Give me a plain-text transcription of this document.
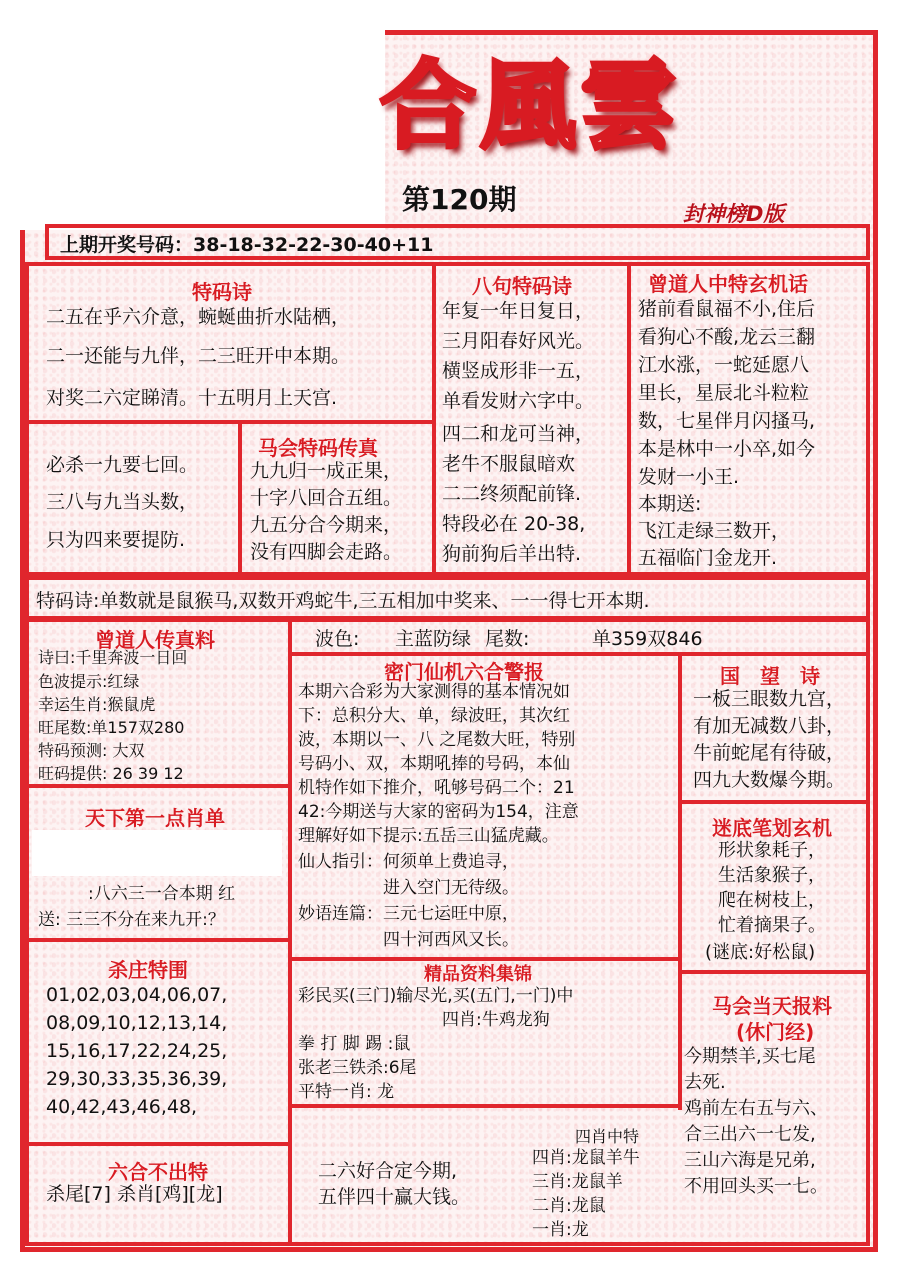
合風雲
第120期	封神榜D版
上期开奖号码：38-18-32-22-30-40+11
特码诗
二五在乎六介意，蜿蜒曲折水陆栖，
二一还能与九伴，二三旺开中本期。
对奖二六定睇清。十五明月上天宫.
必杀一九要七回。
三八与九当头数，
只为四来要提防.
马会特码传真
九九归一成正果，
十字八回合五组。
九五分合今期来，
没有四脚会走路。
八句特码诗
年复一年日复日，
三月阳春好风光。
横竖成形非一五，
单看发财六字中。
四二和龙可当神，
老牛不服鼠暗欢
二二终须配前锋.
特段必在 20-38,
狗前狗后羊出特.
曾道人中特玄机话
猪前看鼠福不小,住后
看狗心不酸,龙云三翻
江水涨，一蛇延愿八
里长，星辰北斗粒粒
数，七星伴月闪搔马,
本是林中一小卒,如今
发财一小王.
本期送:
飞江走绿三数开，
五福临门金龙开.
特码诗:单数就是鼠猴马,双数开鸡蛇牛,三五相加中奖来、一一得七开本期.
曾道人传真料
诗曰:千里奔波一日回
色波提示:红绿
幸运生肖:猴鼠虎
旺尾数:单157双280
特码预测: 大双
旺码提供: 26 39 12
波色: 主蓝防绿 尾数:	单359双846
密门仙机六合警报
本期六合彩为大家测得的基本情况如
下：总积分大、单，绿波旺，其次红
波，本期以一、八 之尾数大旺，特别
号码小、双，本期吼捧的号码，本仙
机特作如下推介，吼够号码二个：21
42:今期送与大家的密码为154，注意
理解好如下提示:五岳三山猛虎藏。
仙人指引：何须单上费追寻，
　　　　　进入空门无待级。
妙语连篇：三元七运旺中原，
　　　　　四十河西风又长。
国　望　诗
一板三眼数九宫，
有加无减数八卦，
牛前蛇尾有待破，
四九大数爆今期。
天下第一点肖单
:八六三一合本期 红
送: 三三不分在来九开:？
迷底笔划玄机
形状象耗子，
生活象猴子，
爬在树枝上，
忙着摘果子。
(谜底:好松鼠)
杀庄特围
01,02,03,04,06,07,
08,09,10,12,13,14,
15,16,17,22,24,25,
29,30,33,35,36,39,
40,42,43,46,48,
精品资料集锦
彩民买(三门)输尽光,买(五门,一门)中
四肖:牛鸡龙狗
拳 打 脚 踢 :鼠
张老三铁杀:6尾
平特一肖: 龙
马会当天报料
(休门经)
今期禁羊,买七尾
去死.
鸡前左右五与六、
合三出六一七发,
三山六海是兄弟,
不用回头买一七。
六合不出特
杀尾[7] 杀肖[鸡][龙]
二六好合定今期,
五伴四十赢大钱。
四肖中特
四肖:龙鼠羊牛
三肖:龙鼠羊
二肖:龙鼠
一肖:龙
